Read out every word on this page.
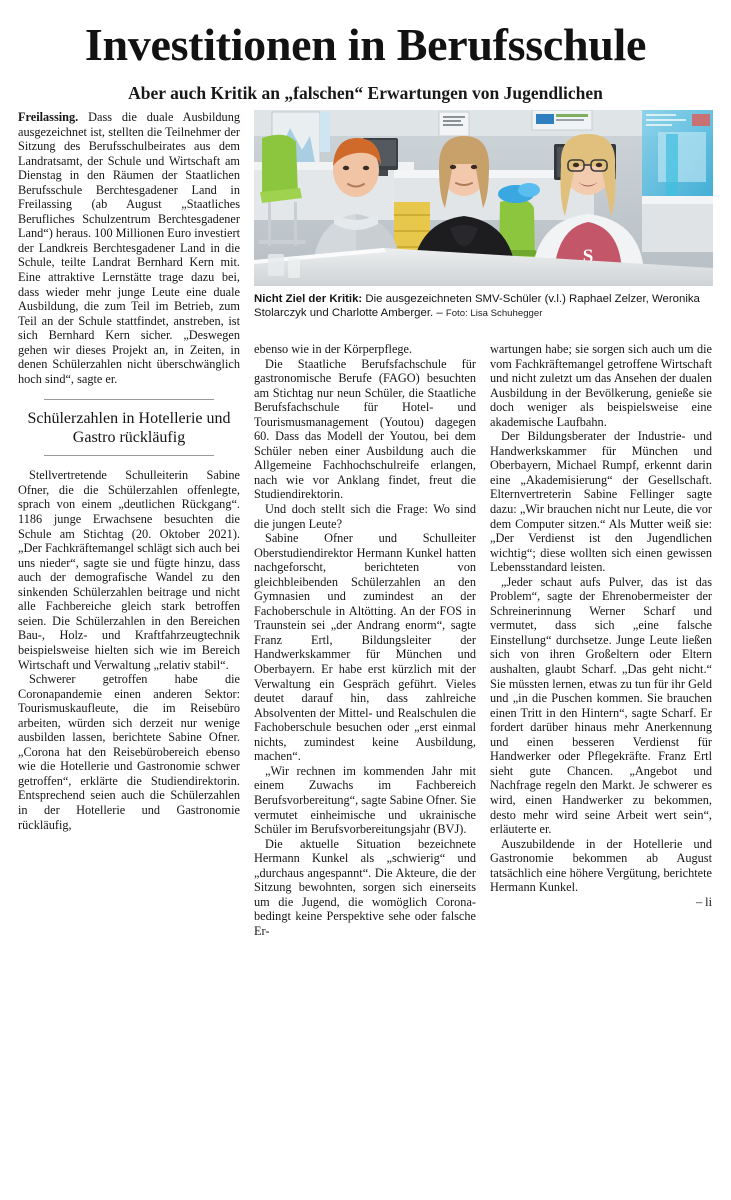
Investitionen in Berufsschule
Aber auch Kritik an „falschen“ Erwartungen von Jugendlichen
S
Nicht Ziel der Kritik: Die ausgezeichneten SMV-Schüler (v.l.) Raphael Zelzer, Weronika Stolarczyk und Charlotte Amberger. – Foto: Lisa Schuhegger

Freilassing. Dass die duale Ausbildung ausgezeichnet ist, stellten die Teilnehmer der Sitzung des Berufsschulbeirates aus dem Landratsamt, der Schule und Wirtschaft am Dienstag in den Räumen der Staatlichen Berufsschule Berchtesgadener Land in Freilassing (ab August „Staatliches Berufliches Schulzentrum Berchtesgadener Land“) heraus. 100 Millionen Euro investiert der Landkreis Berchtesgadener Land in die Schule, teilte Landrat Bernhard Kern mit. Eine attraktive Lernstätte trage dazu bei, dass wieder mehr junge Leute eine duale Ausbildung, die zum Teil im Betrieb, zum Teil an der Schule stattfindet, anstreben, ist sich Bernhard Kern sicher. „Deswegen gehen wir dieses Projekt an, in Zeiten, in denen Schülerzahlen nicht überschwänglich hoch sind“, sagte er.

Schülerzahlen in Hotellerie und Gastro rückläufig

Stellvertretende Schulleiterin Sabine Ofner, die die Schülerzahlen offenlegte, sprach von einem „deutlichen Rückgang“. 1186 junge Erwachsene besuchten die Schule am Stichtag (20. Oktober 2021). „Der Fachkräftemangel schlägt sich auch bei uns nieder“, sagte sie und fügte hinzu, dass auch der demografische Wandel zu den sinkenden Schülerzahlen beitrage und nicht alle Fachbereiche gleich stark betroffen seien. Die Schülerzahlen in den Bereichen Bau-, Holz- und Kraftfahrzeugtechnik beispielsweise hielten sich wie im Bereich Wirtschaft und Verwaltung „relativ stabil“.

Schwerer getroffen habe die Coronapandemie einen anderen Sektor: Tourismuskaufleute, die im Reisebüro arbeiten, würden sich derzeit nur wenige ausbilden lassen, berichtete Sabine Ofner. „Corona hat den Reisebürobereich ebenso wie die Hotellerie und Gastronomie schwer getroffen“, erklärte die Studiendirektorin. Entsprechend seien auch die Schülerzahlen in der Hotellerie und Gastronomie rückläufig,

ebenso wie in der Körperpflege.

Die Staatliche Berufsfachschule für gastronomische Berufe (FAGO) besuchten am Stichtag nur neun Schüler, die Staatliche Berufsfachschule für Hotel- und Tourismusmanagement (Youtou) dagegen 60. Dass das Modell der Youtou, bei dem Schüler neben einer Ausbildung auch die Allgemeine Fachhochschulreife erlangen, nach wie vor Anklang findet, freut die Studiendirektorin.

Und doch stellt sich die Frage: Wo sind die jungen Leute?

Sabine Ofner und Schulleiter Oberstudiendirektor Hermann Kunkel hatten nachgeforscht, berichteten von gleichbleibenden Schülerzahlen an den Gymnasien und zumindest an der Fachoberschule in Altötting. An der FOS in Traunstein sei „der Andrang enorm“, sagte Franz Ertl, Bildungsleiter der Handwerkskammer für München und Oberbayern. Er habe erst kürzlich mit der Verwaltung ein Gespräch geführt. Vieles deutet darauf hin, dass zahlreiche Absolventen der Mittel- und Realschulen die Fachoberschule besuchen oder „erst einmal nichts, zumindest keine Ausbildung, machen“.

„Wir rechnen im kommenden Jahr mit einem Zuwachs im Fachbereich Berufsvorbereitung“, sagte Sabine Ofner. Sie vermutet einheimische und ukrainische Schüler im Berufsvorbereitungsjahr (BVJ).

Die aktuelle Situation bezeichnete Hermann Kunkel als „schwierig“ und „durchaus angespannt“. Die Akteure, die der Sitzung bewohnten, sorgen sich einerseits um die Jugend, die womöglich Corona-bedingt keine Perspektive sehe oder falsche Er-

wartungen habe; sie sorgen sich auch um die vom Fachkräftemangel getroffene Wirtschaft und nicht zuletzt um das Ansehen der dualen Ausbildung in der Bevölkerung, genieße sie doch weniger als beispielsweise eine akademische Laufbahn.

Der Bildungsberater der Industrie- und Handwerkskammer für München und Oberbayern, Michael Rumpf, erkennt darin eine „Akademisierung“ der Gesellschaft. Elternvertreterin Sabine Fellinger sagte dazu: „Wir brauchen nicht nur Leute, die vor dem Computer sitzen.“ Als Mutter weiß sie: „Der Verdienst ist den Jugendlichen wichtig“; diese wollten sich einen gewissen Lebensstandard leisten.

„Jeder schaut aufs Pulver, das ist das Problem“, sagte der Ehrenobermeister der Schreinerinnung Werner Scharf und vermutet, dass sich „eine falsche Einstellung“ durchsetze. Junge Leute ließen sich von ihren Großeltern oder Eltern aushalten, glaubt Scharf. „Das geht nicht.“ Sie müssten lernen, etwas zu tun für ihr Geld und „in die Puschen kommen. Sie brauchen einen Tritt in den Hintern“, sagte Scharf. Er fordert darüber hinaus mehr Anerkennung und einen besseren Verdienst für Handwerker oder Pflegekräfte. Franz Ertl sieht gute Chancen. „Angebot und Nachfrage regeln den Markt. Je schwerer es wird, einen Handwerker zu bekommen, desto mehr wird seine Arbeit wert sein“, erläuterte er.

Auszubildende in der Hotellerie und Gastronomie bekommen ab August tatsächlich eine höhere Vergütung, berichtete Hermann Kunkel.

– li
